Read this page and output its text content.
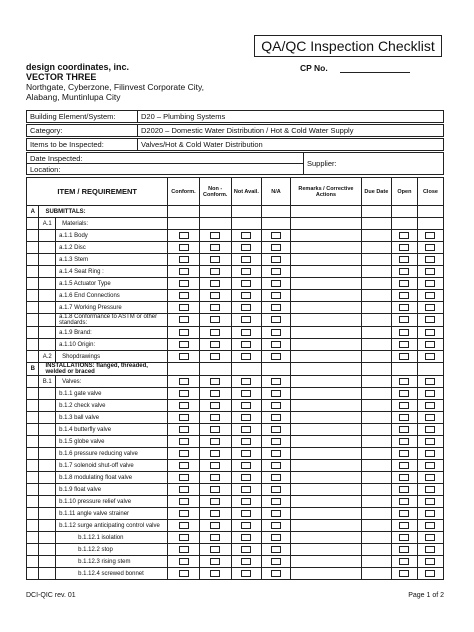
QA/QC Inspection Checklist
design coordinates, inc.
VECTOR THREE
Northgate, Cyberzone, Filinvest Corporate City,
Alabang, Muntinlupa City
CP No.
Building Element/System:	D20 – Plumbing Systems
Category:	D2020 – Domestic Water Distribution / Hot & Cold Water Supply
Items to be Inspected:	Valves/Hot & Cold Water Distribution
Date Inspected:	Supplier:
Location:
ITEM / REQUIREMENT			Conform.	Non - Conform.	Not Avail.	N/A	Remarks / Corrective Actions	Due Date	Open	Close
A	SUBMITTALS:									
	A.1	Materials:								
		a.1.1 Body								
		a.1.2 Disc								
		a.1.3 Stem								
		a.1.4 Seat Ring :								
		a.1.5 Actuator Type								
		a.1.6 End Connections								
		a.1.7 Working Pressure								
		a.1.8 Conformance to ASTM or other standards:								
		a.1.9 Brand:								
		a.1.10 Origin:								
	A.2	Shopdrawings								
B	INSTALLATIONS: flanged, threaded, welded or braced									
	B.1	Valves:								
		b.1.1 gate valve								
		b.1.2 check valve								
		b.1.3 ball valve								
		b.1.4 butterfly valve								
		b.1.5 globe valve								
		b.1.6 pressure reducing valve								
		b.1.7 solenoid shut-off valve								
		b.1.8 modulating float valve								
		b.1.9 float valve								
		b.1.10 pressure relief valve								
		b.1.11 angle valve strainer								
		b.1.12 surge anticipating control valve								
		b.1.12.1 isolation								
		b.1.12.2 stop								
		b.1.12.3 rising stem								
		b.1.12.4 screwed bonnet								
DCI-QIC rev. 01	Page 1 of 2
